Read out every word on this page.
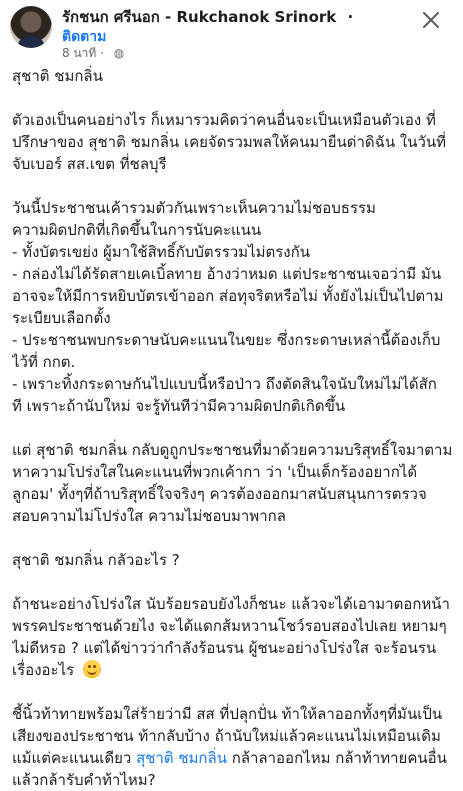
รักชนก ศรีนอก - Rukchanok Srinork ·
ติดตาม
8 นาที · ◍
สุชาติ ชมกลิ่น
ตัวเองเป็นคนอย่างไร ก็เหมารวมคิดว่าคนอื่นจะเป็นเหมือนตัวเอง ที่
ปรึกษาของ สุชาติ ชมกลิ่น เคยจัดรวมพลให้คนมายืนด่าดิฉัน ในวันที่
จับเบอร์ สส.เขต ที่ชลบุรี
วันนี้ประชาชนเค้ารวมตัวกันเพราะเห็นความไม่ชอบธรรม
ความผิดปกติที่เกิดขึ้นในการนับคะแนน
- ทั้งบัตรเขย่ง ผู้มาใช้สิทธิ์กับบัตรรวมไม่ตรงกัน
- กล่องไม่ได้รัดสายเคเบิ้ลทาย อ้างว่าหมด แต่ประชาชนเจอว่ามี มัน
อาจจะให้มีการหยิบบัตรเข้าออก ส่อทุจริตหรือไม่ ทั้งยังไม่เป็นไปตาม
ระเบียบเลือกตั้ง
- ประชาชนพบกระดาษนับคะแนนในขยะ ซึ่งกระดาษเหล่านี้ต้องเก็บ
ไว้ที่ กกต.
- เพราะทิ้งกระดาษกันไปแบบนี้หรือป่าว ถึงตัดสินใจนับใหม่ไม่ได้สัก
ที เพราะถ้านับใหม่ จะรู้ทันทีว่ามีความผิดปกติเกิดขึ้น
แต่ สุชาติ ชมกลิ่น กลับดูถูกประชาชนที่มาด้วยความบริสุทธิ์ใจมาตาม
หาความโปร่งใสในคะแนนที่พวกเค้ากา ว่า 'เป็นเด็กร้องอยากได้
ลูกอม' ทั้งๆที่ถ้าบริสุทธิ์ใจจริงๆ ควรต้องออกมาสนับสนุนการตรวจ
สอบความไม่โปร่งใส ความไม่ชอบมาพากล
สุชาติ ชมกลิ่น กลัวอะไร ?
ถ้าชนะอย่างโปร่งใส นับร้อยรอบยังไงก็ชนะ แล้วจะได้เอามาตอกหน้า
พรรคประชาชนด้วยไง จะได้แดกส้มหวานโชว์รอบสองไปเลย หยามๆ
ไม่ดีหรอ ? แต่ได้ข่าวว่ากำลังร้อนรน ผู้ชนะอย่างโปร่งใส จะร้อนรน
เรื่องอะไร
ชี้นิ้วท้าทายพร้อมใส่ร้ายว่ามี สส ที่ปลุกปั่น ท้าให้ลาออกทั้งๆที่มันเป็น
เสียงของประชาชน ท้ากลับบ้าง ถ้านับใหม่แล้วคะแนนไม่เหมือนเดิม
แม้แต่คะแนนเดียว สุชาติ ชมกลิ่น กล้าลาออกไหม กล้าท้าทายคนอื่น
แล้วกล้ารับคำท้าไหม?
